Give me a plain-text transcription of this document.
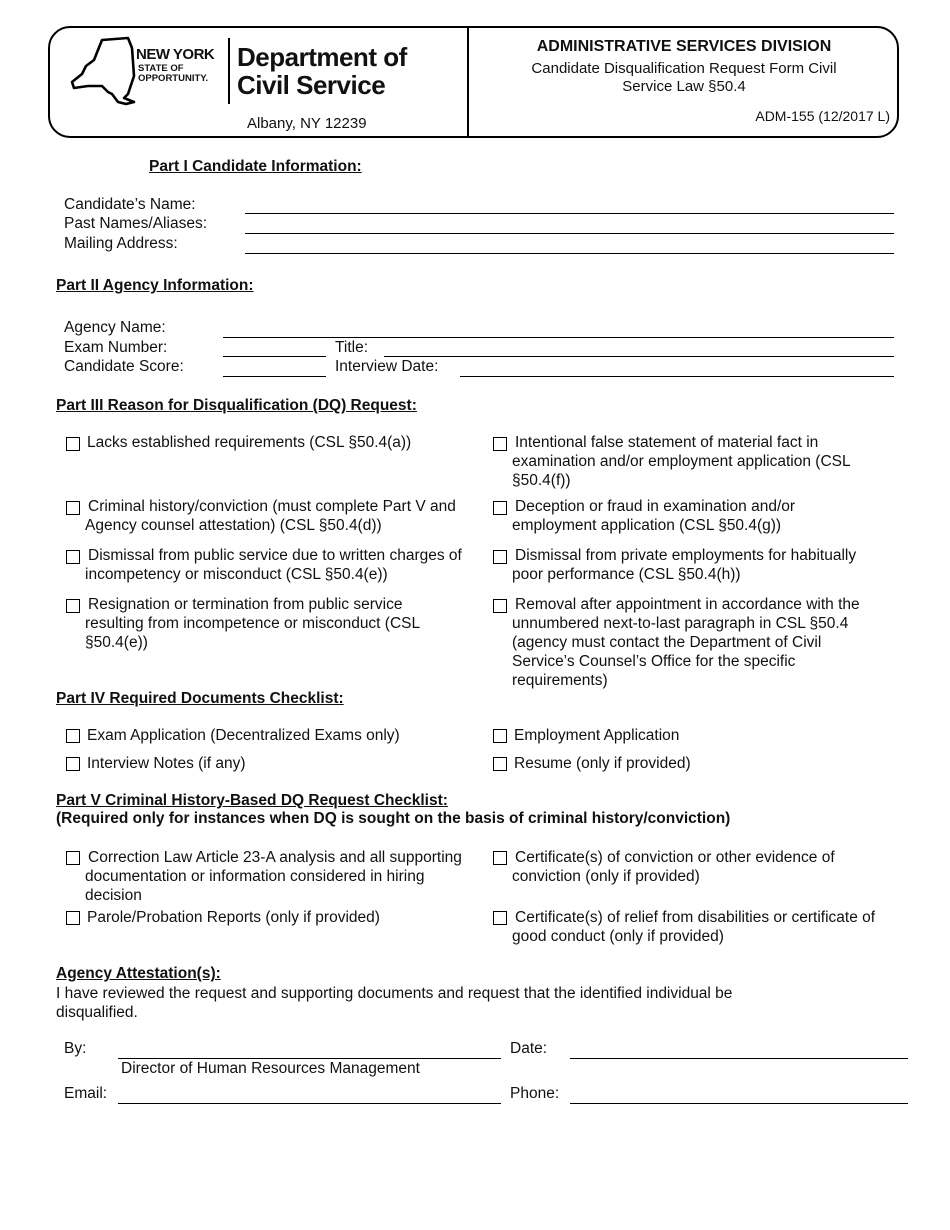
NEW YORK
STATE OF
OPPORTUNITY.
Department of
Civil Service
Albany, NY 12239
ADMINISTRATIVE SERVICES DIVISION
Candidate Disqualification Request Form Civil
Service Law §50.4
ADM-155 (12/2017 L)
Part I Candidate Information:
Candidate’s Name:
Past Names/Aliases:
Mailing Address:
Part II Agency Information:
Agency Name:
Exam Number:	Title:
Candidate Score:	Interview Date:
Part III Reason for Disqualification (DQ) Request:
Lacks established requirements (CSL §50.4(a))	Intentional false statement of material fact in examination and/or employment application (CSL §50.4(f))
Criminal history/conviction (must complete Part V and Agency counsel attestation) (CSL §50.4(d))
Deception or fraud in examination and/or employment application (CSL §50.4(g))
Dismissal from public service due to written charges of incompetency or misconduct (CSL §50.4(e))
Dismissal from private employments for habitually poor performance (CSL §50.4(h))
Resignation or termination from public service resulting from incompetence or misconduct (CSL §50.4(e))
Removal after appointment in accordance with the unnumbered next-to-last paragraph in CSL §50.4 (agency must contact the Department of Civil Service’s Counsel’s Office for the specific requirements)
Part IV Required Documents Checklist:
Exam Application (Decentralized Exams only)	Employment Application
Interview Notes (if any)	Resume (only if provided)
Part V Criminal History-Based DQ Request Checklist:
(Required only for instances when DQ is sought on the basis of criminal history/conviction)
Correction Law Article 23-A analysis and all supporting documentation or information considered in hiring decision
Certificate(s) of conviction or other evidence of conviction (only if provided)
Parole/Probation Reports (only if provided)	Certificate(s) of relief from disabilities or certificate of good conduct (only if provided)
Agency Attestation(s):
I have reviewed the request and supporting documents and request that the identified individual be disqualified.
By:	Date:
Director of Human Resources Management
Email:	Phone:
